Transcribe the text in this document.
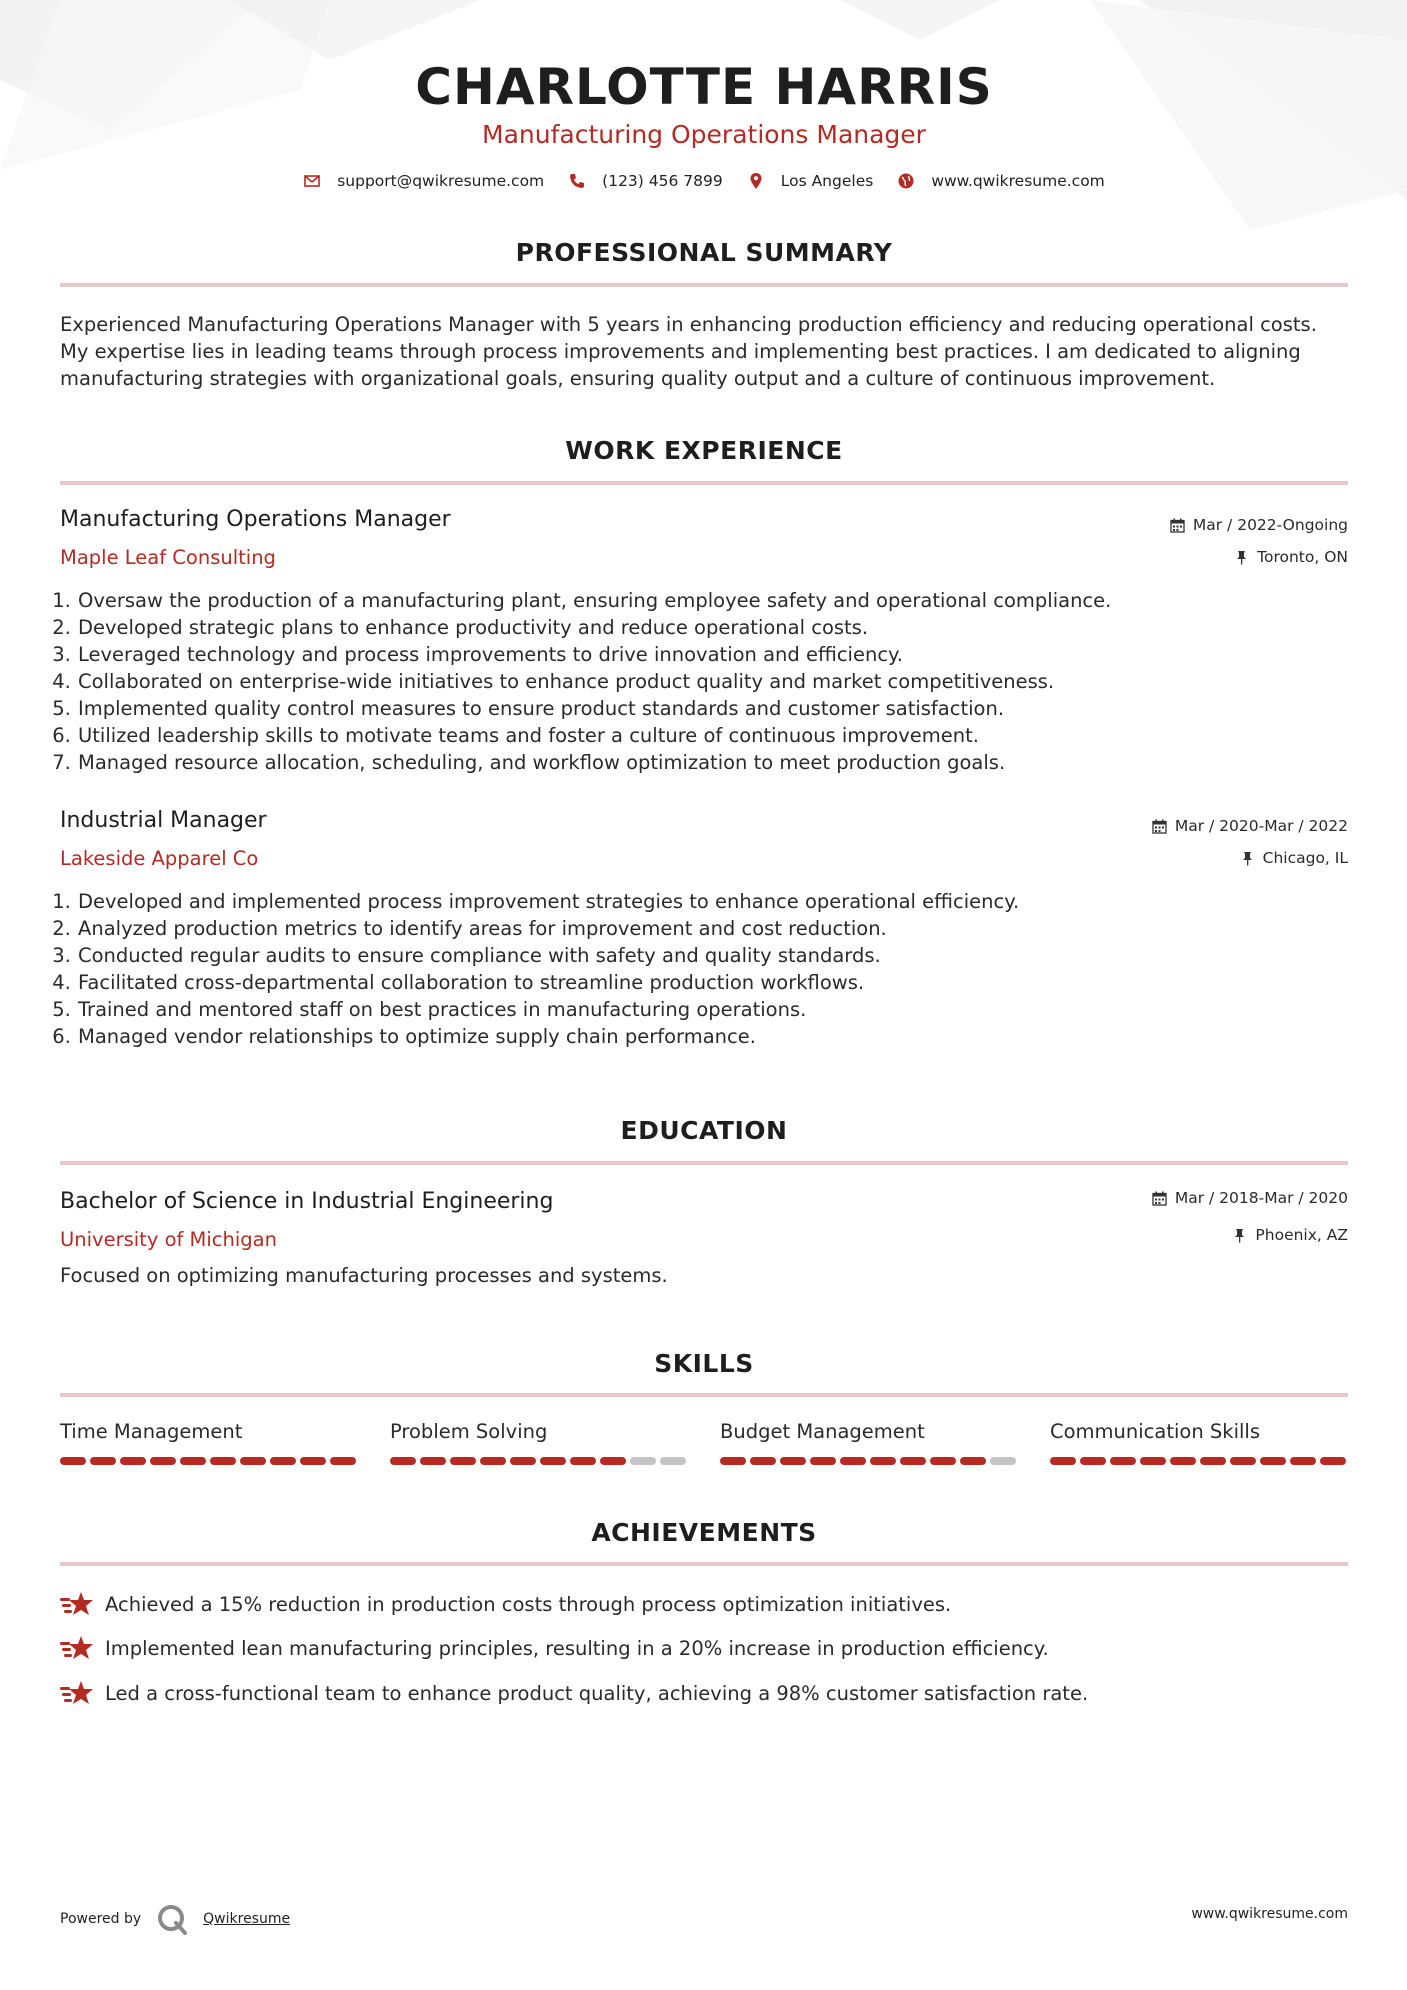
CHARLOTTE HARRIS
Manufacturing Operations Manager
support@qwikresume.com	(123) 456 7899	Los Angeles	www.qwikresume.com
PROFESSIONAL SUMMARY
Experienced Manufacturing Operations Manager with 5 years in enhancing production efficiency and reducing operational costs. My expertise lies in leading teams through process improvements and implementing best practices. I am dedicated to aligning manufacturing strategies with organizational goals, ensuring quality output and a culture of continuous improvement.
WORK EXPERIENCE
Manufacturing Operations Manager
Maple Leaf Consulting
Mar / 2022-Ongoing
Toronto, ON
1. Oversaw the production of a manufacturing plant, ensuring employee safety and operational compliance.
2. Developed strategic plans to enhance productivity and reduce operational costs.
3. Leveraged technology and process improvements to drive innovation and efficiency.
4. Collaborated on enterprise-wide initiatives to enhance product quality and market competitiveness.
5. Implemented quality control measures to ensure product standards and customer satisfaction.
6. Utilized leadership skills to motivate teams and foster a culture of continuous improvement.
7. Managed resource allocation, scheduling, and workflow optimization to meet production goals.
Industrial Manager
Lakeside Apparel Co
Mar / 2020-Mar / 2022
Chicago, IL
1. Developed and implemented process improvement strategies to enhance operational efficiency.
2. Analyzed production metrics to identify areas for improvement and cost reduction.
3. Conducted regular audits to ensure compliance with safety and quality standards.
4. Facilitated cross-departmental collaboration to streamline production workflows.
5. Trained and mentored staff on best practices in manufacturing operations.
6. Managed vendor relationships to optimize supply chain performance.
EDUCATION
Bachelor of Science in Industrial Engineering
University of Michigan
Mar / 2018-Mar / 2020
Phoenix, AZ
Focused on optimizing manufacturing processes and systems.
SKILLS
Time Management	Problem Solving	Budget Management	Communication Skills
ACHIEVEMENTS
Achieved a 15% reduction in production costs through process optimization initiatives.
Implemented lean manufacturing principles, resulting in a 20% increase in production efficiency.
Led a cross-functional team to enhance product quality, achieving a 98% customer satisfaction rate.
Powered by	Qwikresume	www.qwikresume.com
